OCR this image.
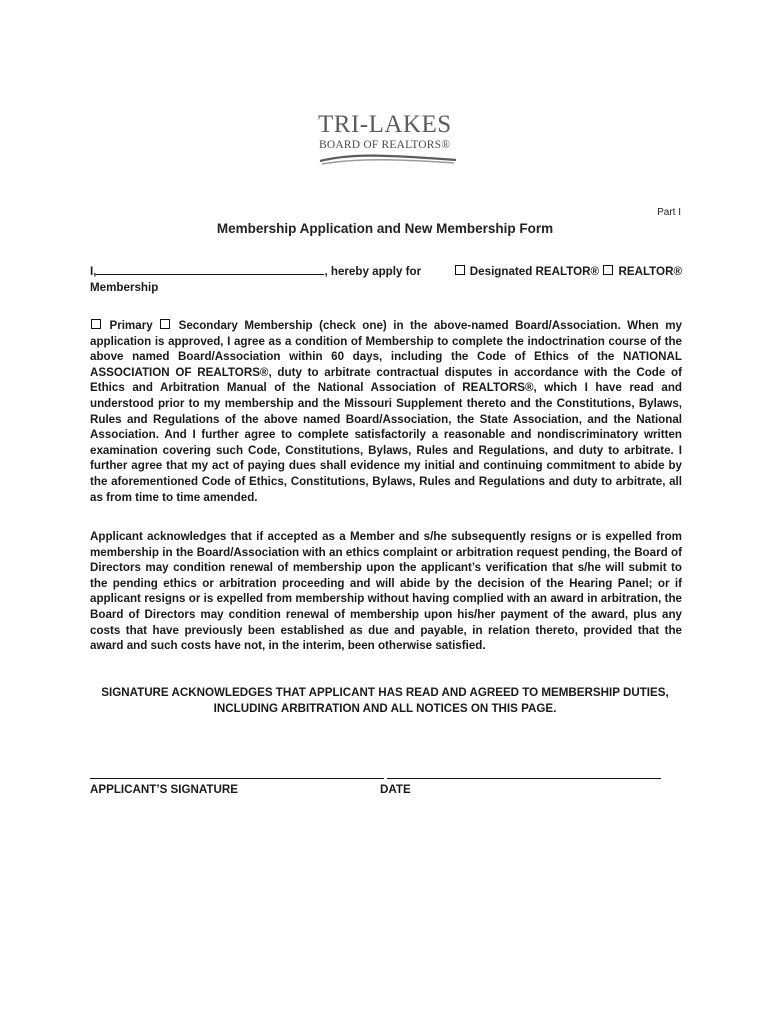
TRI-LAKES
BOARD OF REALTORS®
Part I
Membership Application and New Membership Form
I,	, hereby apply for	Designated REALTOR® REALTOR®
Membership
Primary Secondary Membership (check one) in the above-named Board/Association. When my application is approved, I agree as a condition of Membership to complete the indoctrination course of the above named Board/Association within 60 days, including the Code of Ethics of the NATIONAL ASSOCIATION OF REALTORS®, duty to arbitrate contractual disputes in accordance with the Code of Ethics and Arbitration Manual of the National Association of REALTORS®, which I have read and understood prior to my membership and the Missouri Supplement thereto and the Constitutions, Bylaws, Rules and Regulations of the above named Board/Association, the State Association, and the National Association. And I further agree to complete satisfactorily a reasonable and nondiscriminatory written examination covering such Code, Constitutions, Bylaws, Rules and Regulations, and duty to arbitrate. I further agree that my act of paying dues shall evidence my initial and continuing commitment to abide by the aforementioned Code of Ethics, Constitutions, Bylaws, Rules and Regulations and duty to arbitrate, all as from time to time amended.
Applicant acknowledges that if accepted as a Member and s/he subsequently resigns or is expelled from membership in the Board/Association with an ethics complaint or arbitration request pending, the Board of Directors may condition renewal of membership upon the applicant’s verification that s/he will submit to the pending ethics or arbitration proceeding and will abide by the decision of the Hearing Panel; or if applicant resigns or is expelled from membership without having complied with an award in arbitration, the Board of Directors may condition renewal of membership upon his/her payment of the award, plus any costs that have previously been established as due and payable, in relation thereto, provided that the award and such costs have not, in the interim, been otherwise satisfied.
SIGNATURE ACKNOWLEDGES THAT APPLICANT HAS READ AND AGREED TO MEMBERSHIP DUTIES,
INCLUDING ARBITRATION AND ALL NOTICES ON THIS PAGE.
APPLICANT’S SIGNATURE	DATE
